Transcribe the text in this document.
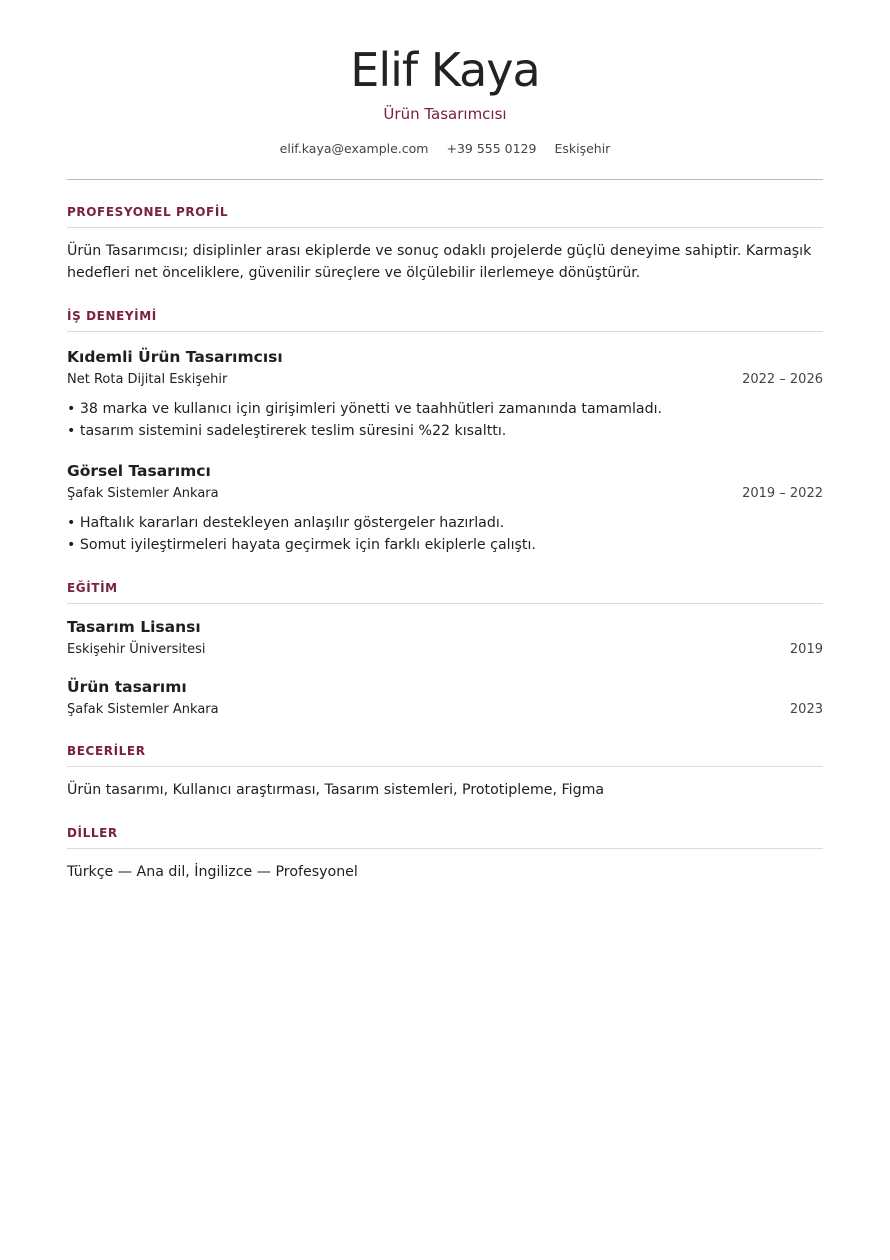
Elif Kaya
Ürün Tasarımcısı
elif.kaya@example.com +39 555 0129 Eskişehir
PROFESYONEL PROFİL
Ürün Tasarımcısı; disiplinler arası ekiplerde ve sonuç odaklı projelerde güçlü deneyime sahiptir. Karmaşık hedefleri net önceliklere, güvenilir süreçlere ve ölçülebilir ilerlemeye dönüştürür.
İŞ DENEYİMİ
Kıdemli Ürün Tasarımcısı
Net Rota Dijital Eskişehir	2022 – 2026
• 38 marka ve kullanıcı için girişimleri yönetti ve taahhütleri zamanında tamamladı.
• tasarım sistemini sadeleştirerek teslim süresini %22 kısalttı.
Görsel Tasarımcı
Şafak Sistemler Ankara	2019 – 2022
• Haftalık kararları destekleyen anlaşılır göstergeler hazırladı.
• Somut iyileştirmeleri hayata geçirmek için farklı ekiplerle çalıştı.
EĞİTİM
Tasarım Lisansı
Eskişehir Üniversitesi	2019
Ürün tasarımı
Şafak Sistemler Ankara	2023
BECERİLER
Ürün tasarımı, Kullanıcı araştırması, Tasarım sistemleri, Prototipleme, Figma
DİLLER
Türkçe — Ana dil, İngilizce — Profesyonel
